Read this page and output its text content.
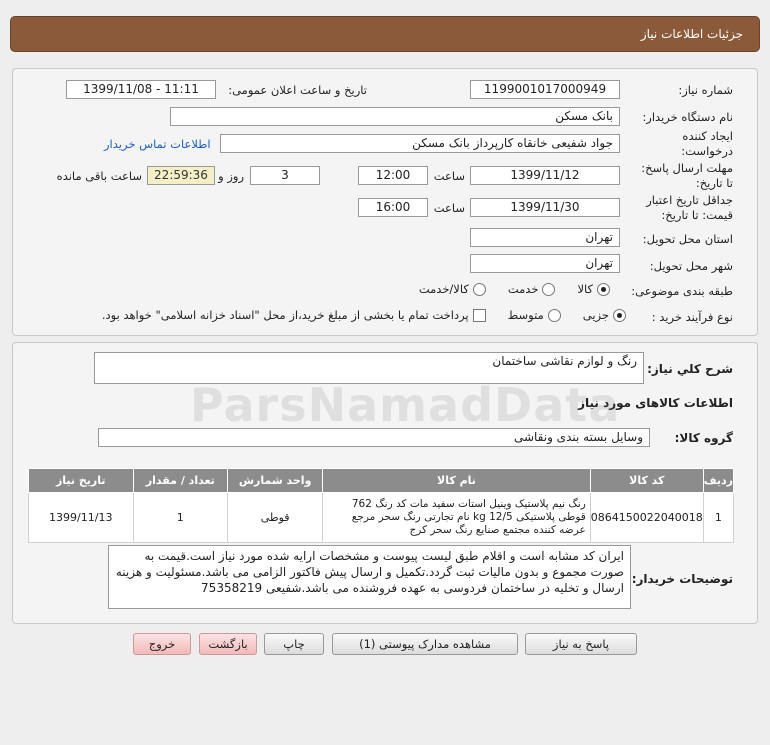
جزئیات اطلاعات نیاز
شماره نیاز:
1199001017000949
تاریخ و ساعت اعلان عمومی:
1399/11/08 - 11:11
نام دستگاه خریدار:
بانک مسکن
ایجاد کننده درخواست:
جواد شفیعی خانقاه کارپرداز بانک مسکن
اطلاعات تماس خریدار
مهلت ارسال پاسخ: تا تاریخ:
1399/11/12
ساعت
12:00
3
روز و
22:59:36
ساعت باقی مانده
جداقل تاریخ اعتبار قیمت: تا تاریخ:
1399/11/30
ساعت
16:00
استان محل تحویل:
تهران
شهر محل تحویل:
تهران
طبقه بندی موضوعی:
کالا
خدمت
کالا/خدمت
نوع فرآیند خرید :
جزیی
متوسط
پرداخت تمام یا بخشی از مبلغ خرید،از محل "اسناد خزانه اسلامی" خواهد بود.
شرح کلي نياز:
رنگ و لوازم نقاشی ساختمان
اطلاعات کالاهای مورد نیاز
گروه کالا:
وسایل بسته بندی ونقاشی
ردیف	کد کالا	نام کالا	واحد شمارش	تعداد / مقدار	تاریخ نیاز
1	0864150022040018	رنگ نیم پلاستیک وینیل استات سفید مات کد رنگ 762 قوطی پلاستیکی kg 12/5 نام تجارتی رنگ سحر مرجع عرضه کننده مجتمع صنایع رنگ سحر کرج	قوطی	1	1399/11/13
توضیحات خریدار:
ایران کد مشابه است و اقلام طبق لیست پیوست و مشخصات ارایه شده مورد نیاز است.قیمت به صورت مجموع و بدون مالیات ثبت گردد.تکمیل و ارسال پیش فاکتور الزامی می باشد.مسئولیت و هزینه ارسال و تخلیه در ساختمان فردوسی به عهده فروشنده می باشد.شفیعی 75358219
ParsNamadData
پاسخ به نیاز
مشاهده مدارک پیوستی (1)
چاپ
بازگشت
خروج
